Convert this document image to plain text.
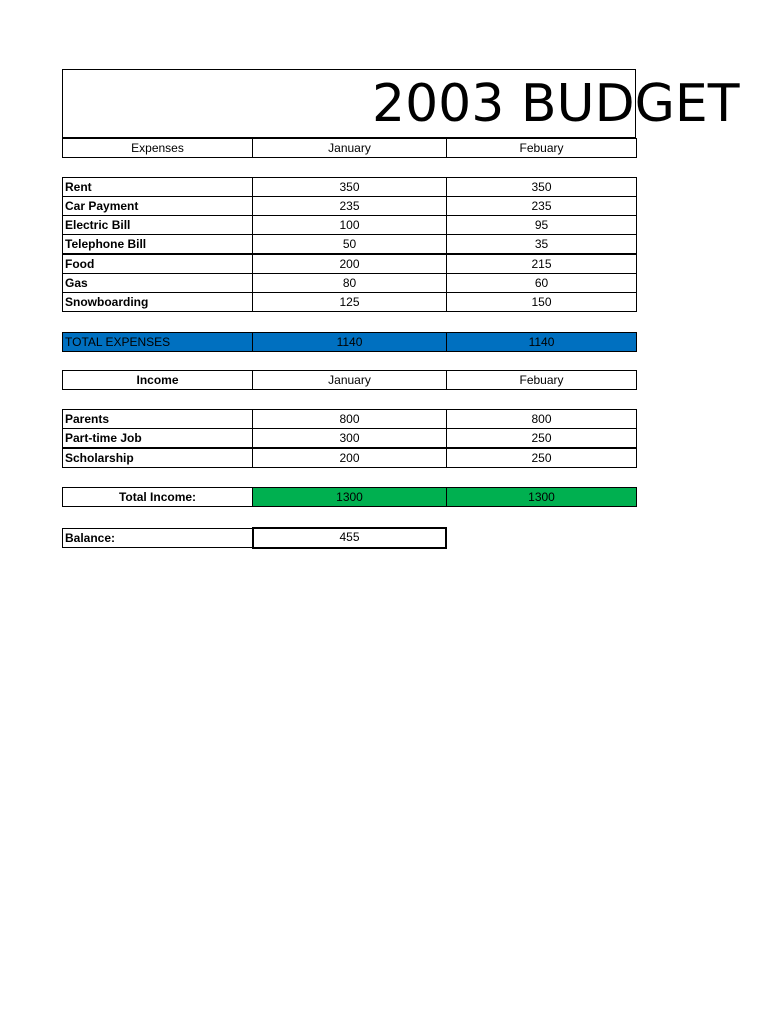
2003 BUDGET
Expenses	January	Febuary
Rent	350	350
Car Payment	235	235
Electric Bill	100	95
Telephone Bill	50	35
Food	200	215
Gas	80	60
Snowboarding	125	150
TOTAL EXPENSES	1140	1140
Income	January	Febuary
Parents	800	800
Part-time Job	300	250
Scholarship	200	250
Total Income:	1300	1300
Balance:	455
